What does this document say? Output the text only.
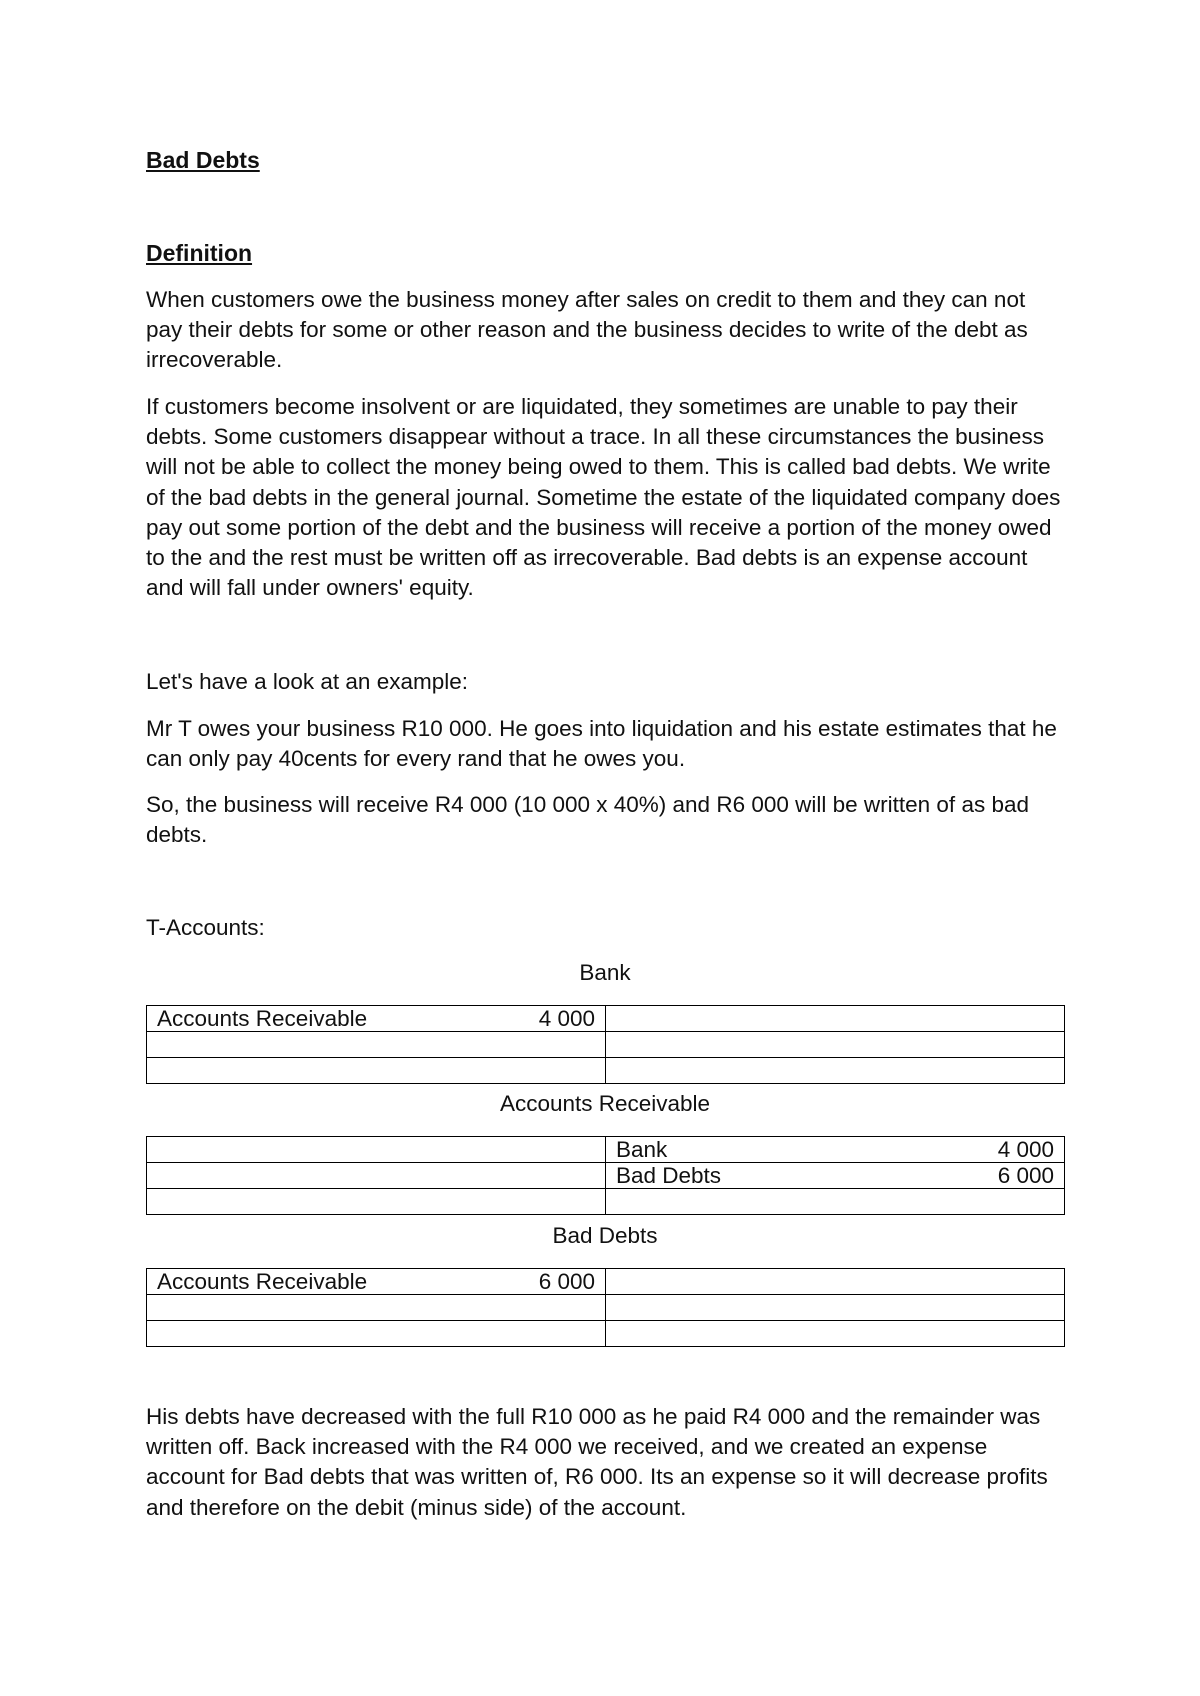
Bad Debts
Definition

When customers owe the business money after sales on credit to them and they can not pay their debts for some or other reason and the business decides to write of the debt as irrecoverable.

If customers become insolvent or are liquidated, they sometimes are unable to pay their debts. Some customers disappear without a trace. In all these circumstances the business will not be able to collect the money being owed to them. This is called bad debts. We write of the bad debts in the general journal. Sometime the estate of the liquidated company does pay out some portion of the debt and the business will receive a portion of the money owed to the and the rest must be written off as irrecoverable. Bad debts is an expense account and will fall under owners' equity.

Let's have a look at an example:

Mr T owes your business R10 000. He goes into liquidation and his estate estimates that he can only pay 40cents for every rand that he owes you.

So, the business will receive R4 000 (10 000 x 40%) and R6 000 will be written of as bad debts.

T-Accounts:

Bank

Accounts Receivable 4 000	

Accounts Receivable

	Bank 4 000

	Bad Debts 6 000

Bad Debts

Accounts Receivable 6 000	

His debts have decreased with the full R10 000 as he paid R4 000 and the remainder was written off. Back increased with the R4 000 we received, and we created an expense account for Bad debts that was written of, R6 000. Its an expense so it will decrease profits and therefore on the debit (minus side) of the account.
